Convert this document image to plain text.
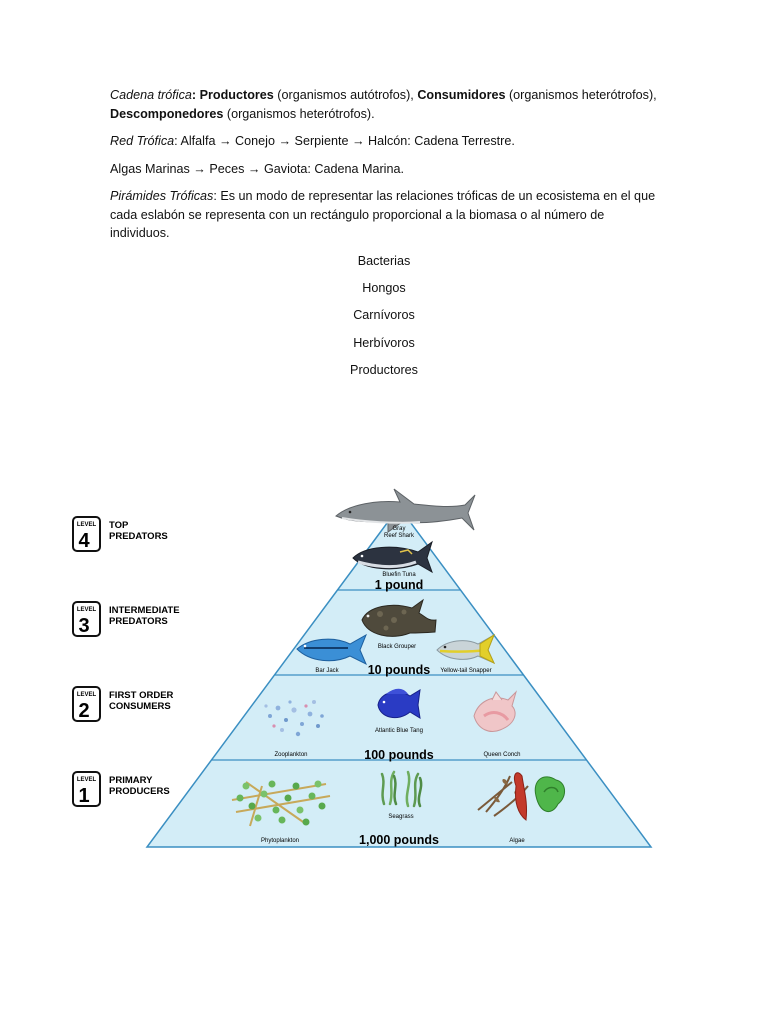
Cadena trófica: Productores (organismos autótrofos), Consumidores (organismos heterótrofos), Descomponedores (organismos heterótrofos).

Red Trófica: Alfalfa → Conejo → Serpiente → Halcón: Cadena Terrestre.

Algas Marinas → Peces → Gaviota: Cadena Marina.

Pirámides Tróficas: Es un modo de representar las relaciones tróficas de un ecosistema en el que cada eslabón se representa con un rectángulo proporcional a la biomasa o al número de individuos.

Bacterias
Hongos
Carnívoros
Herbívoros
Productores
LEVEL
4
TOP
PREDATORS
LEVEL
3
INTERMEDIATE
PREDATORS
LEVEL
2
FIRST ORDER
CONSUMERS
LEVEL
1
PRIMARY
PRODUCERS
Gray
Reef Shark
Bluefin Tuna
1 pound
Black Grouper
Bar Jack	Yellow-tail Snapper
10 pounds
Zooplankton
Atlantic Blue Tang
Queen Conch
100 pounds
Phytoplankton
Seagrass
Algae
1,000 pounds
